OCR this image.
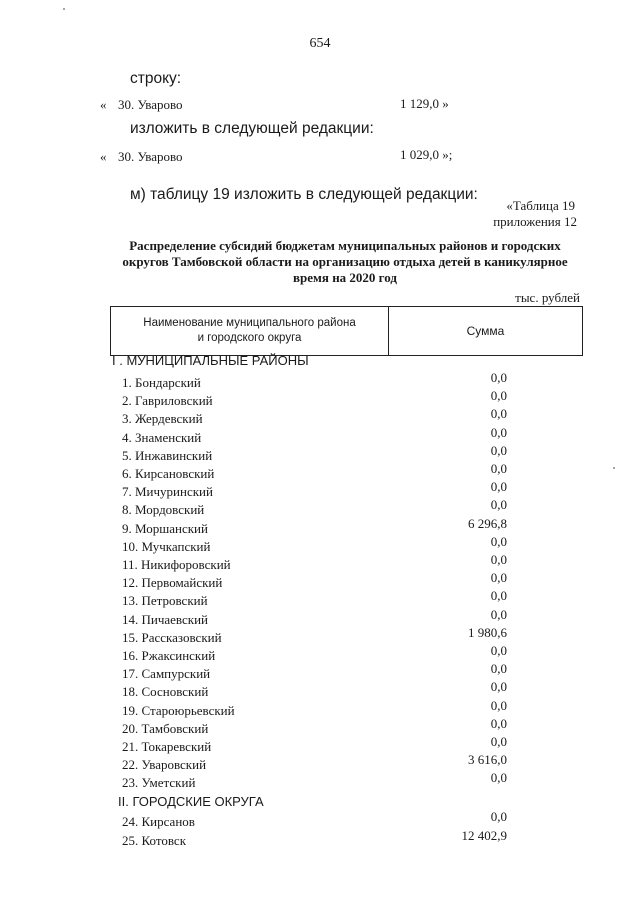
654
строку:
« 30. Уварово	1 129,0 »
изложить в следующей редакции:
« 30. Уварово	1 029,0 »;
м) таблицу 19 изложить в следующей редакции:
«Таблица 19
приложения 12
Распределение субсидий бюджетам муниципальных районов и городских округов Тамбовской области на организацию отдыха детей в каникулярное время на 2020 год
тыс. рублей
Наименование муниципального района
и городского округа	Сумма
I . МУНИЦИПАЛЬНЫЕ РАЙОНЫ
1. Бондарский	0,0
2. Гавриловский	0,0
3. Жердевский	0,0
4. Знаменский	0,0
5. Инжавинский	0,0
6. Кирсановский	0,0
7. Мичуринский	0,0
8. Мордовский	0,0
9. Моршанский	6 296,8
10. Мучкапский	0,0
11. Никифоровский	0,0
12. Первомайский	0,0
13. Петровский	0,0
14. Пичаевский	0,0
15. Рассказовский	1 980,6
16. Ржаксинский	0,0
17. Сампурский	0,0
18. Сосновский	0,0
19. Староюрьевский	0,0
20. Тамбовский	0,0
21. Токаревский	0,0
22. Уваровский	3 616,0
23. Уметский	0,0
II. ГОРОДСКИЕ ОКРУГА
24. Кирсанов	0,0
25. Котовск	12 402,9
